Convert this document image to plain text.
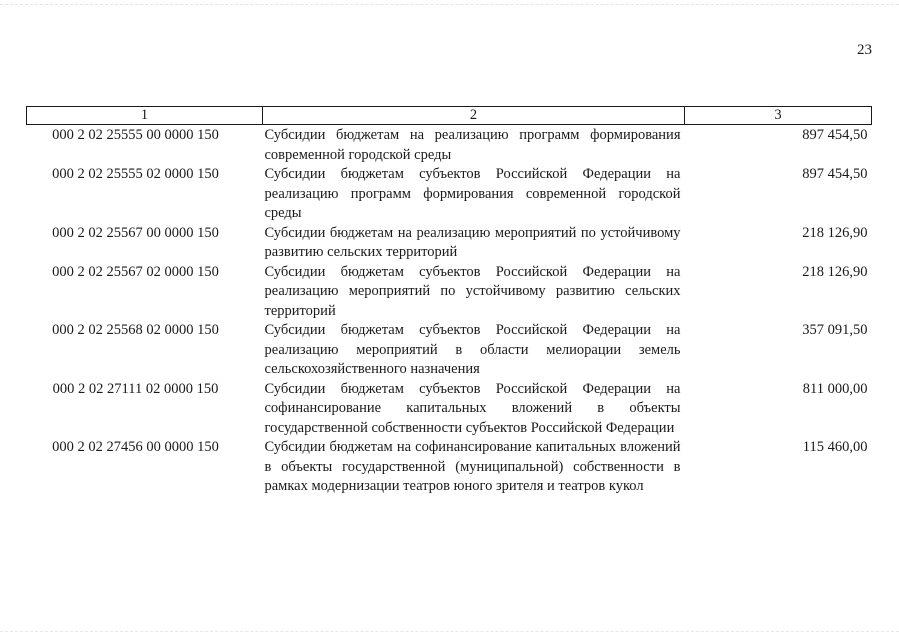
23
1	2	3
000 2 02 25555 00 0000 150	Субсидии бюджетам на реализацию программ формирования современной городской среды	897 454,50
000 2 02 25555 02 0000 150	Субсидии бюджетам субъектов Российской Федерации на реализацию программ формирования современной городской среды	897 454,50
000 2 02 25567 00 0000 150	Субсидии бюджетам на реализацию мероприятий по устойчивому развитию сельских территорий	218 126,90
000 2 02 25567 02 0000 150	Субсидии бюджетам субъектов Российской Федерации на реализацию мероприятий по устойчивому развитию сельских территорий	218 126,90
000 2 02 25568 02 0000 150	Субсидии бюджетам субъектов Российской Федерации на реализацию мероприятий в области мелиорации земель сельскохозяйственного назначения	357 091,50
000 2 02 27111 02 0000 150	Субсидии бюджетам субъектов Российской Федерации на софинансирование капитальных вложений в объекты государственной собственности субъектов Российской Федерации	811 000,00
000 2 02 27456 00 0000 150	Субсидии бюджетам на софинансирование капитальных вложений в объекты государственной (муниципальной) собственности в рамках модернизации театров юного зрителя и театров кукол	115 460,00
